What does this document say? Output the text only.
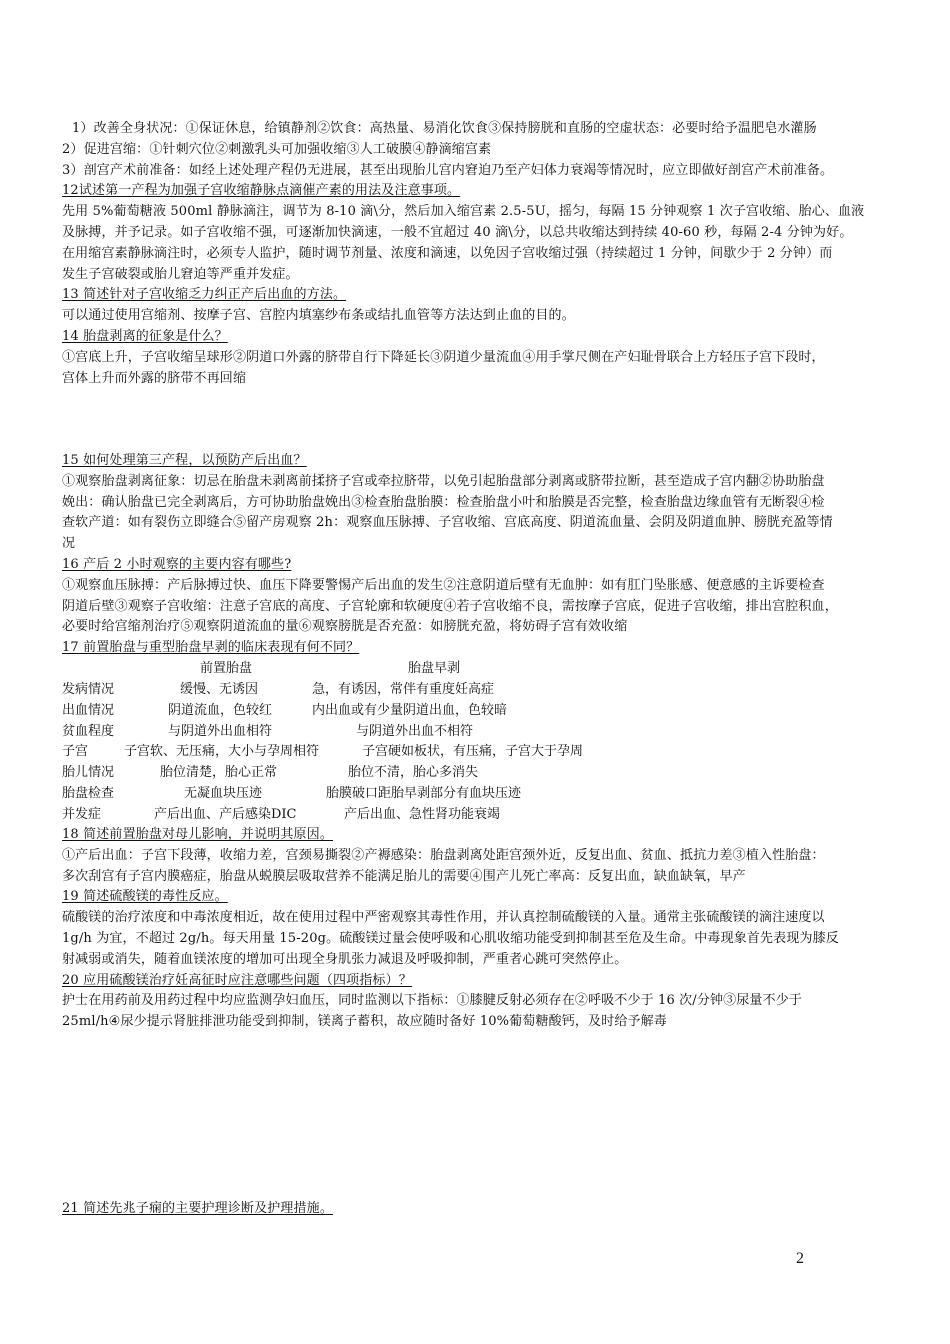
1）改善全身状况：①保证休息，给镇静剂②饮食：高热量、易消化饮食③保持膀胱和直肠的空虚状态：必要时给予温肥皂水灌肠
2）促进宫缩：①针刺穴位②刺激乳头可加强收缩③人工破膜④静滴缩宫素
3）剖宫产术前准备：如经上述处理产程仍无进展，甚至出现胎儿宫内窘迫乃至产妇体力衰竭等情况时，应立即做好剖宫产术前准备。
12试述第一产程为加强子宫收缩静脉点滴催产素的用法及注意事项。
先用 5%葡萄糖液 500ml 静脉滴注，调节为 8-10 滴\分，然后加入缩宫素 2.5-5U，摇匀，每隔 15 分钟观察 1 次子宫收缩、胎心、血液
及脉搏，并予记录。如子宫收缩不强，可逐渐加快滴速，一般不宜超过 40 滴\分，以总共收缩达到持续 40-60 秒，每隔 2-4 分钟为好。
在用缩宫素静脉滴注时，必须专人监护，随时调节剂量、浓度和滴速，以免因子宫收缩过强（持续超过 1 分钟，间歇少于 2 分钟）而
发生子宫破裂或胎儿窘迫等严重并发症。
13 简述针对子宫收缩乏力纠正产后出血的方法。
可以通过使用宫缩剂、按摩子宫、宫腔内填塞纱布条或结扎血管等方法达到止血的目的。
14 胎盘剥离的征象是什么？
①宫底上升，子宫收缩呈球形②阴道口外露的脐带自行下降延长③阴道少量流血④用手掌尺侧在产妇耻骨联合上方轻压子宫下段时，
宫体上升而外露的脐带不再回缩
15 如何处理第三产程，以预防产后出血？
①观察胎盘剥离征象：切忌在胎盘未剥离前揉挤子宫或牵拉脐带，以免引起胎盘部分剥离或脐带拉断，甚至造成子宫内翻②协助胎盘
娩出：确认胎盘已完全剥离后，方可协助胎盘娩出③检查胎盘胎膜：检查胎盘小叶和胎膜是否完整，检查胎盘边缘血管有无断裂④检
查软产道：如有裂伤立即缝合⑤留产房观察 2h：观察血压脉搏、子宫收缩、宫底高度、阴道流血量、会阴及阴道血肿、膀胱充盈等情
况
16 产后 2 小时观察的主要内容有哪些?
①观察血压脉搏：产后脉搏过快、血压下降要警惕产后出血的发生②注意阴道后壁有无血肿：如有肛门坠胀感、便意感的主诉要检查
阴道后壁③观察子宫收缩：注意子宫底的高度、子宫轮廓和软硬度④若子宫收缩不良，需按摩子宫底，促进子宫收缩，排出宫腔积血，
必要时给宫缩剂治疗⑤观察阴道流血的量⑥观察膀胱是否充盈：如膀胱充盈，将妨碍子宫有效收缩
17 前置胎盘与重型胎盘早剥的临床表现有何不同？
前置胎盘	胎盘早剥
发病情况	缓慢、无诱因	急，有诱因，常伴有重度妊高症
出血情况	阴道流血，色较红	内出血或有少量阴道出血，色较暗
贫血程度	与阴道外出血相符	与阴道外出血不相符
子宫	子宫软、无压痛，大小与孕周相符	子宫硬如板状，有压痛，子宫大于孕周
胎儿情况	胎位清楚，胎心正常	胎位不清，胎心多消失
胎盘检查	无凝血块压迹	胎膜破口距胎早剥部分有血块压迹
并发症	产后出血、产后感染DIC	产后出血、急性肾功能衰竭
18 简述前置胎盘对母儿影响，并说明其原因。
①产后出血：子宫下段薄，收缩力差，宫颈易撕裂②产褥感染：胎盘剥离处距宫颈外近，反复出血、贫血、抵抗力差③植入性胎盘：
多次刮宫有子宫内膜癌症，胎盘从蜕膜层吸取营养不能满足胎儿的需要④围产儿死亡率高：反复出血，缺血缺氧，早产
19 简述硫酸镁的毒性反应。
硫酸镁的治疗浓度和中毒浓度相近，故在使用过程中严密观察其毒性作用，并认真控制硫酸镁的入量。通常主张硫酸镁的滴注速度以
1g/h 为宜，不超过 2g/h。每天用量 15-20g。硫酸镁过量会使呼吸和心肌收缩功能受到抑制甚至危及生命。中毒现象首先表现为膝反
射减弱或消失，随着血镁浓度的增加可出现全身肌张力减退及呼吸抑制，严重者心跳可突然停止。
20 应用硫酸镁治疗妊高征时应注意哪些问题（四项指标）？
护士在用药前及用药过程中均应监测孕妇血压，同时监测以下指标：①膝腱反射必须存在②呼吸不少于 16 次/分钟③尿量不少于
25ml/h④尿少提示肾脏排泄功能受到抑制，镁离子蓄积，故应随时备好 10%葡萄糖酸钙，及时给予解毒
21 简述先兆子痫的主要护理诊断及护理措施。
2
